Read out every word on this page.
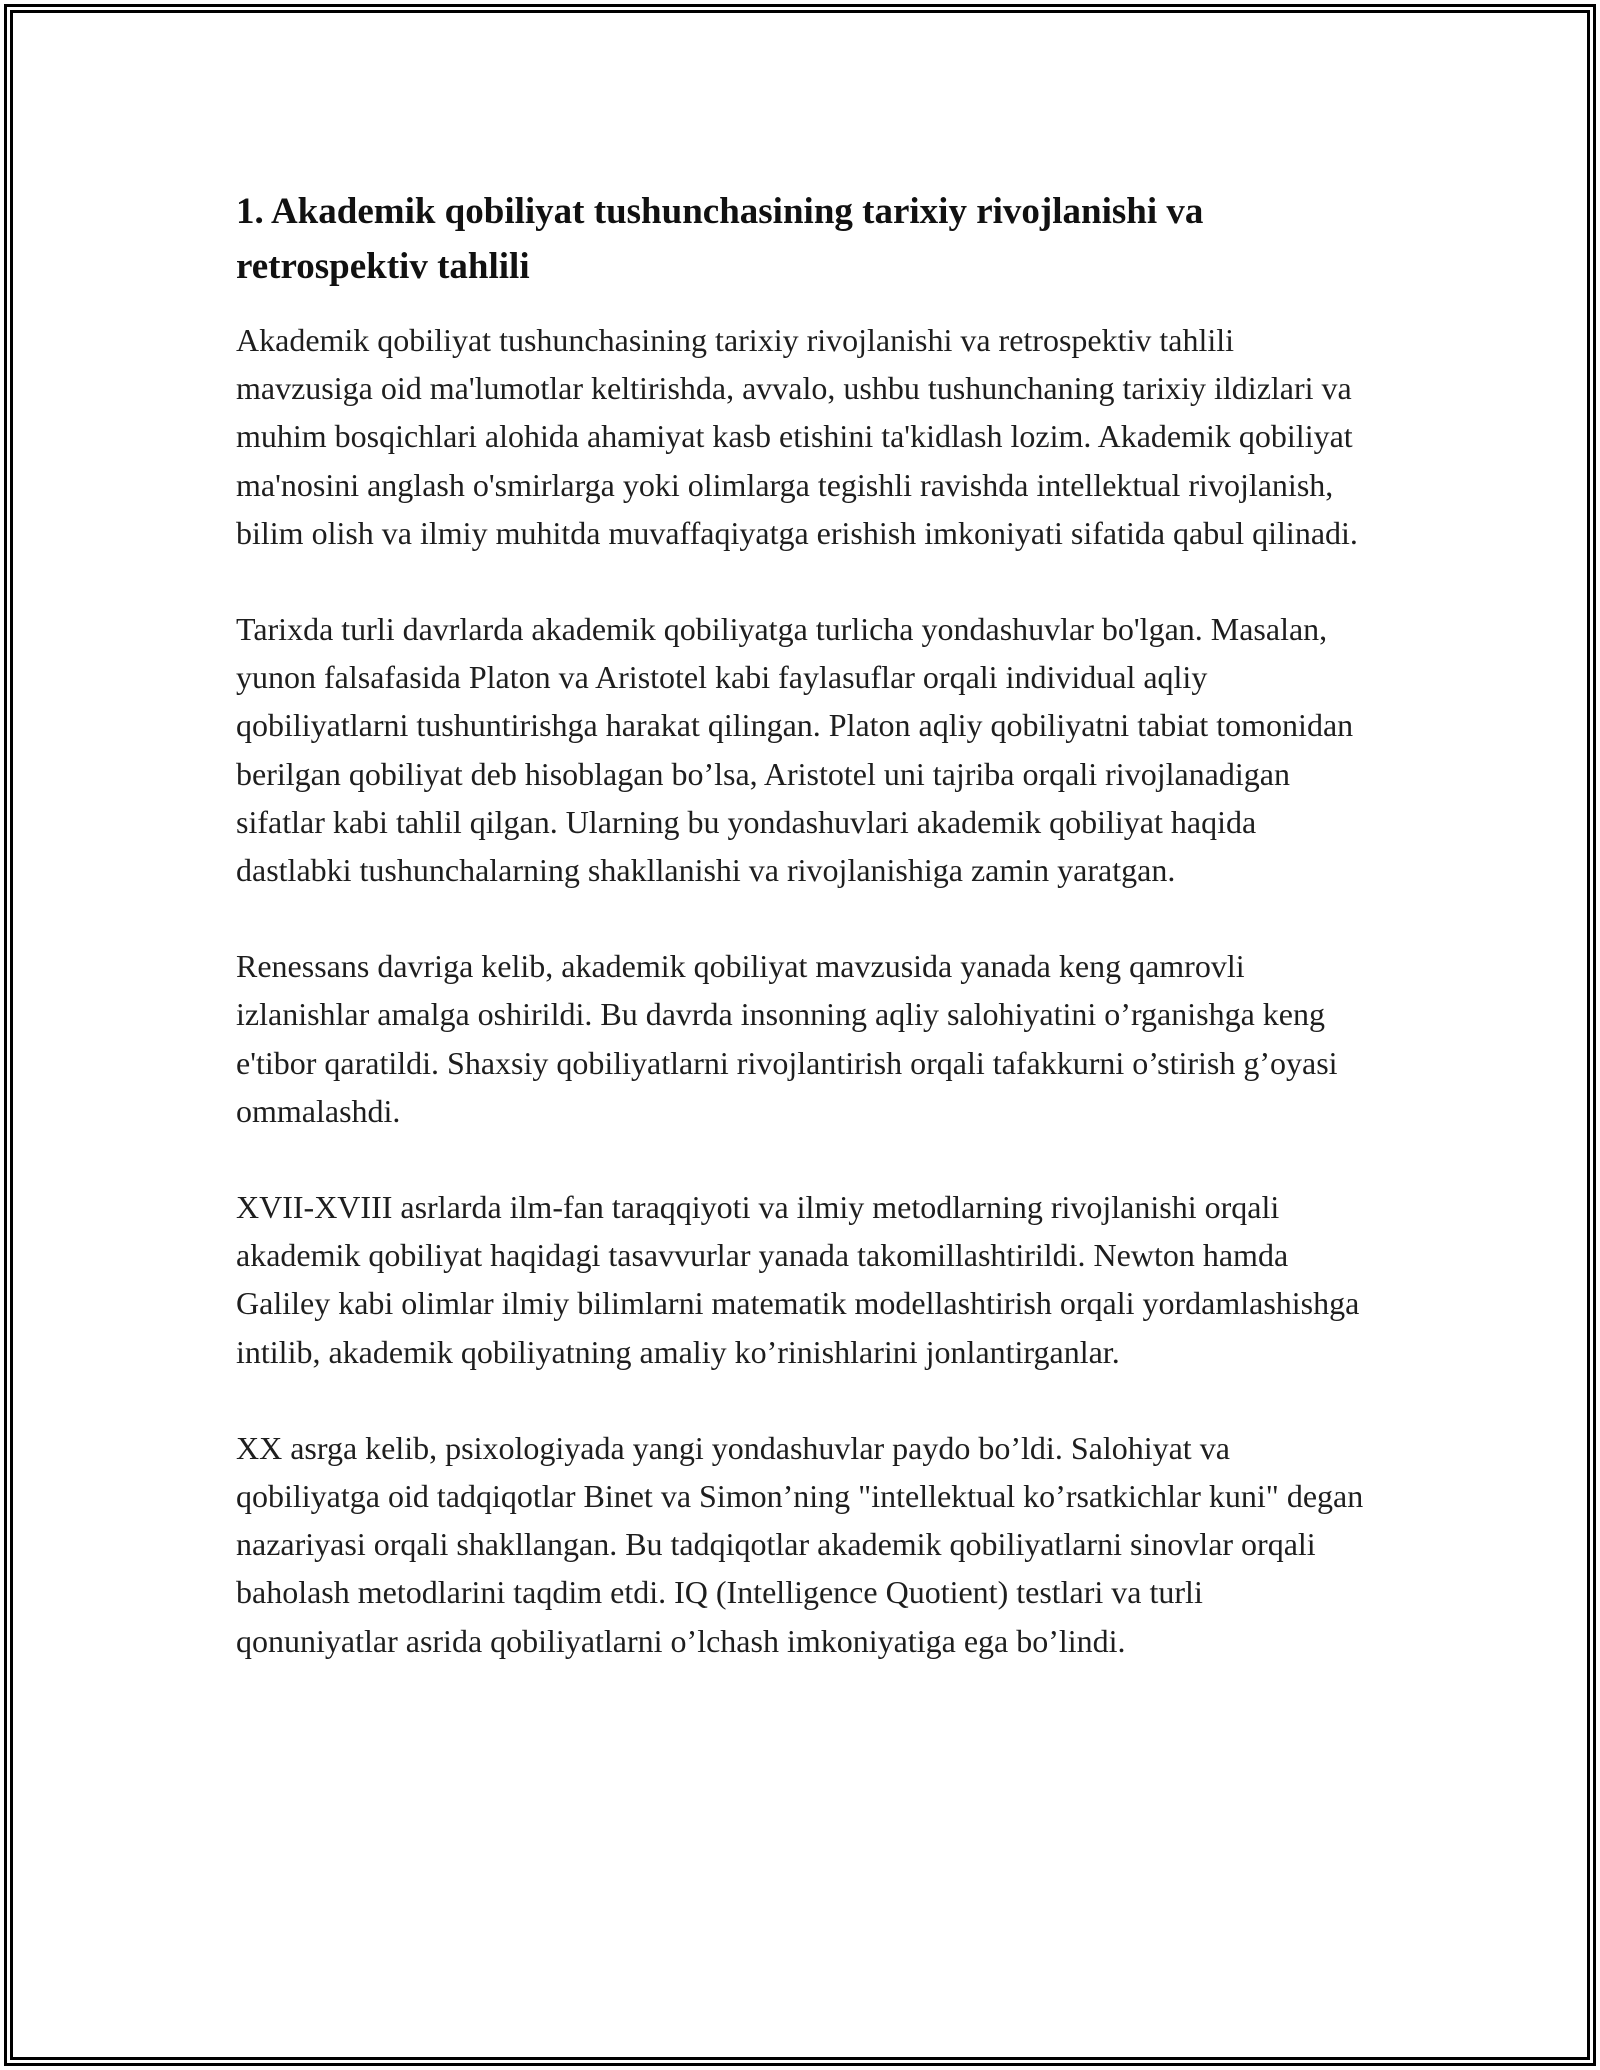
1. Akademik qobiliyat tushunchasining tarixiy rivojlanishi va retrospektiv tahlili

Akademik qobiliyat tushunchasining tarixiy rivojlanishi va retrospektiv tahlili mavzusiga oid ma'lumotlar keltirishda, avvalo, ushbu tushunchaning tarixiy ildizlari va muhim bosqichlari alohida ahamiyat kasb etishini ta'kidlash lozim. Akademik qobiliyat ma'nosini anglash o'smirlarga yoki olimlarga tegishli ravishda intellektual rivojlanish, bilim olish va ilmiy muhitda muvaffaqiyatga erishish imkoniyati sifatida qabul qilinadi.

Tarixda turli davrlarda akademik qobiliyatga turlicha yondashuvlar bo'lgan. Masalan, yunon falsafasida Platon va Aristotel kabi faylasuflar orqali individual aqliy qobiliyatlarni tushuntirishga harakat qilingan. Platon aqliy qobiliyatni tabiat tomonidan berilgan qobiliyat deb hisoblagan bo’lsa, Aristotel uni tajriba orqali rivojlanadigan sifatlar kabi tahlil qilgan. Ularning bu yondashuvlari akademik qobiliyat haqida dastlabki tushunchalarning shakllanishi va rivojlanishiga zamin yaratgan.

Renessans davriga kelib, akademik qobiliyat mavzusida yanada keng qamrovli izlanishlar amalga oshirildi. Bu davrda insonning aqliy salohiyatini o’rganishga keng e'tibor qaratildi. Shaxsiy qobiliyatlarni rivojlantirish orqali tafakkurni o’stirish g’oyasi ommalashdi.

XVII-XVIII asrlarda ilm-fan taraqqiyoti va ilmiy metodlarning rivojlanishi orqali akademik qobiliyat haqidagi tasavvurlar yanada takomillashtirildi. Newton hamda Galiley kabi olimlar ilmiy bilimlarni matematik modellashtirish orqali yordamlashishga intilib, akademik qobiliyatning amaliy ko’rinishlarini jonlantirganlar.

XX asrga kelib, psixologiyada yangi yondashuvlar paydo bo’ldi. Salohiyat va qobiliyatga oid tadqiqotlar Binet va Simon’ning "intellektual ko’rsatkichlar kuni" degan nazariyasi orqali shakllangan. Bu tadqiqotlar akademik qobiliyatlarni sinovlar orqali baholash metodlarini taqdim etdi. IQ (Intelligence Quotient) testlari va turli qonuniyatlar asrida qobiliyatlarni o’lchash imkoniyatiga ega bo’lindi.
